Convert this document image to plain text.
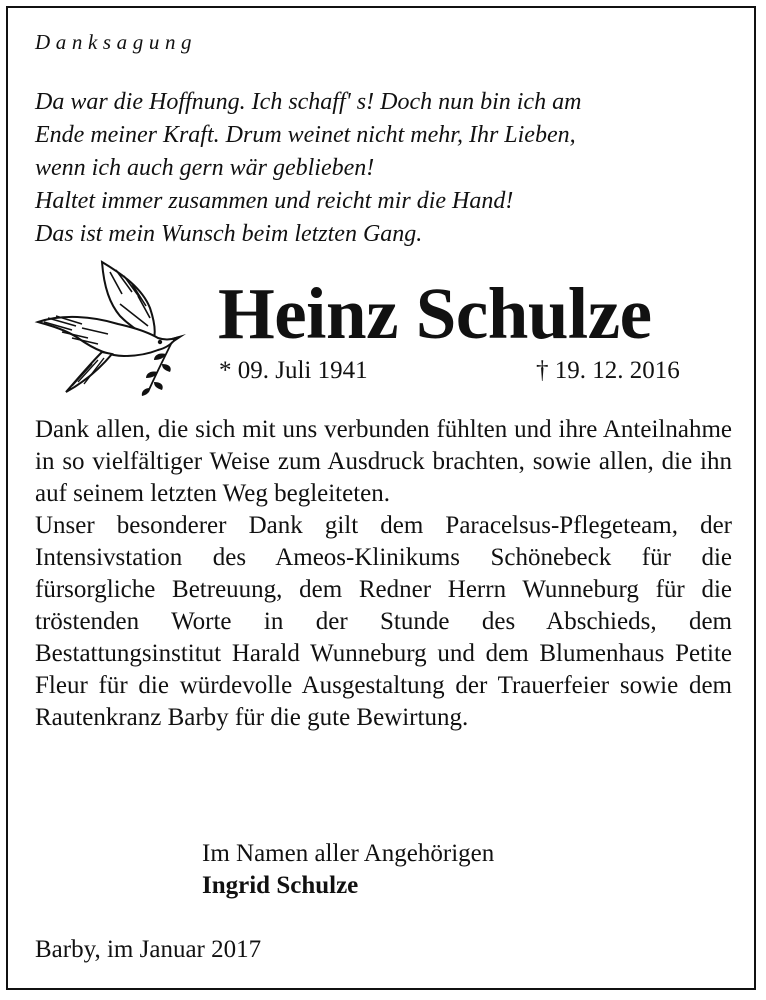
Danksagung
Da war die Hoffnung. Ich schaff' s! Doch nun bin ich am
Ende meiner Kraft. Drum weinet nicht mehr, Ihr Lieben,
wenn ich auch gern wär geblieben!
Haltet immer zusammen und reicht mir die Hand!
Das ist mein Wunsch beim letzten Gang.
Heinz Schulze
* 09. Juli 1941	† 19. 12. 2016

Dank allen, die sich mit uns verbunden fühlten und ihre Anteilnahme in so vielfältiger Weise zum Ausdruck brachten, sowie allen, die ihn auf seinem letzten Weg begleiteten.

Unser besonderer Dank gilt dem Paracelsus-Pflegeteam, der Intensivstation des Ameos-Klinikums Schönebeck für die fürsorgliche Betreuung, dem Redner Herrn Wunneburg für die tröstenden Worte in der Stunde des Abschieds, dem Bestattungsinstitut Harald Wunneburg und dem Blumenhaus Petite Fleur für die würdevolle Ausgestaltung der Trauerfeier sowie dem Rautenkranz Barby für die gute Bewirtung.

Im Namen aller Angehörigen
Ingrid Schulze
Barby, im Januar 2017
